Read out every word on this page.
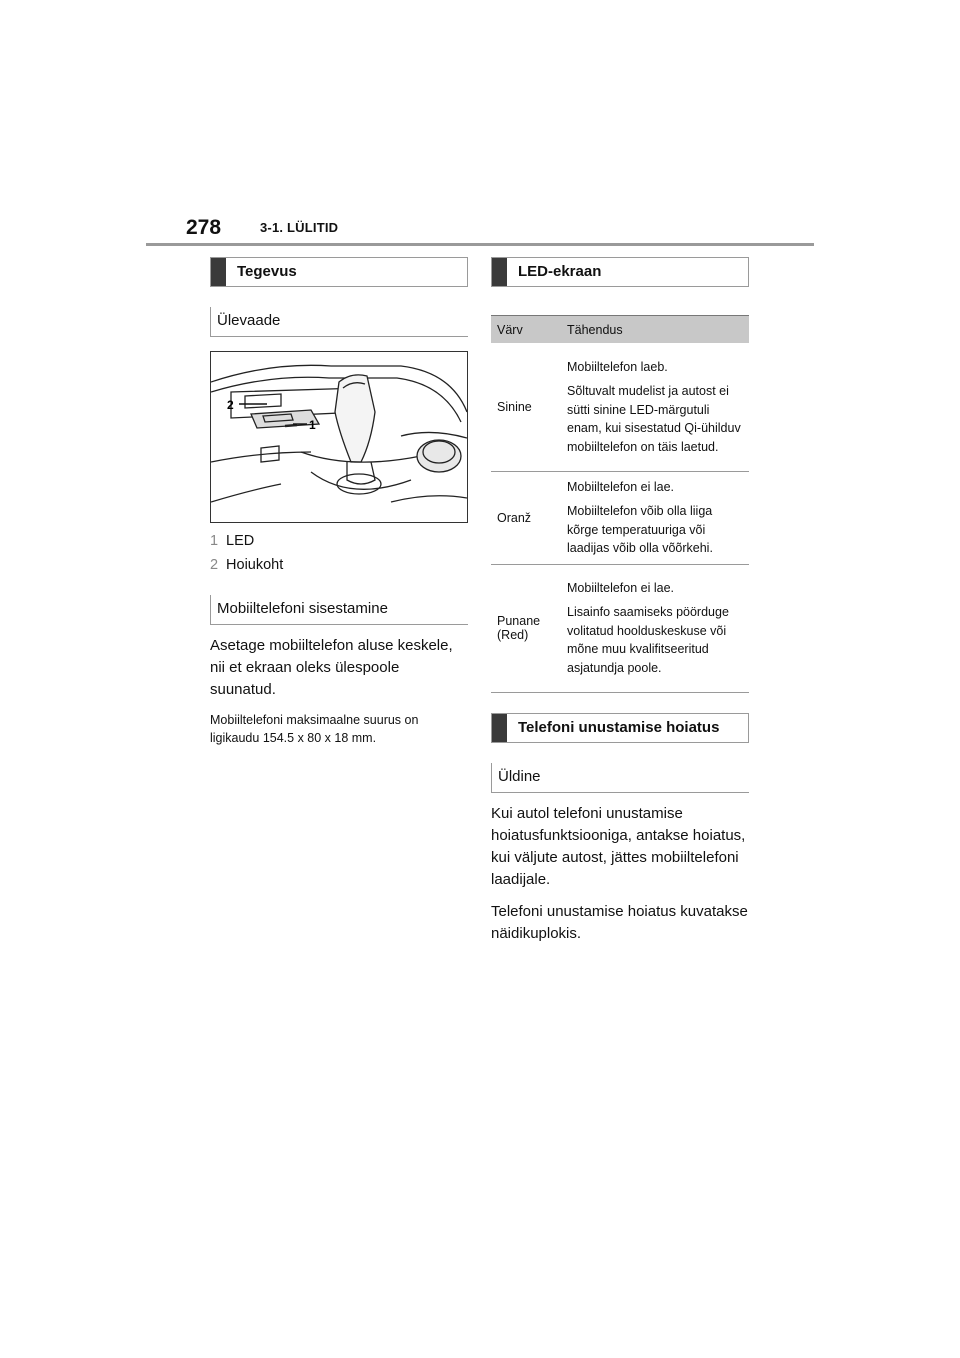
278	3-1. LÜLITID
Tegevus
Ülevaade
2
1
1 LED
2 Hoiukoht
Mobiiltelefoni sisestamine

Asetage mobiiltelefon aluse keskele, nii et ekraan oleks ülespoole suunatud.

Mobiiltelefoni maksimaalne suurus on ligikaudu 154.5 x 80 x 18 mm.

LED-ekraan
Värv	Tähendus
Sinine	Mobiiltelefon laeb.

Sõltuvalt mudelist ja autost ei sütti sinine LED-märgutuli enam, kui sisestatud Qi-ühilduv mobiiltelefon on täis laetud.

Oranž	Mobiiltelefon ei lae.

Mobiiltelefon võib olla liiga kõrge temperatuuriga või laadijas võib olla võõrkehi.

Punane (Red)	Mobiiltelefon ei lae.

Lisainfo saamiseks pöörduge volitatud hoolduskeskuse või mõne muu kvalifitseeritud asjatundja poole.

Telefoni unustamise hoiatus
Üldine

Kui autol telefoni unustamise hoiatusfunktsiooniga, antakse hoiatus, kui väljute autost, jättes mobiiltelefoni laadijale.

Telefoni unustamise hoiatus kuvatakse näidikuplokis.
